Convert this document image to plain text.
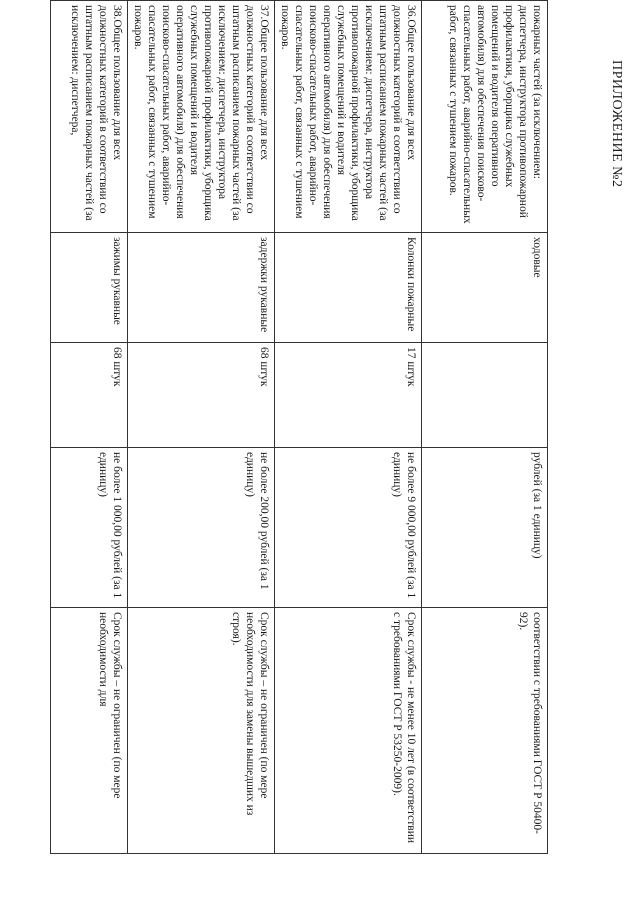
ПРИЛОЖЕНИЕ №2
пожарных частей (за исключением: диспетчера, инструктора противопожарной профилактики, уборщика служебных помещений и водителя оперативного автомобиля) для обеспечения поисково-спасательных работ, аварийно-спасательных работ, связанных с тушением пожаров.	ходовые		рублей (за 1 единицу)	соответствии с требованиями ГОСТ Р 50400-92).
36.Общее пользование для всех должностных категорий в соответствии со штатным расписанием пожарных частей (за исключением: диспетчера, инструктора противопожарной профилактики, уборщика служебных помещений и водителя оперативного автомобиля) для обеспечения поисково-спасательных работ, аварийно-спасательных работ, связанных с тушением пожаров.	Колонки пожарные	17 штук	не более 9 000,00 рублей (за 1 единицу)	Срок службы - не менее 10 лет (в соответствии с требованиями ГОСТ Р 53250-2009).
37.Общее пользование для всех должностных категорий в соответствии со штатным расписанием пожарных частей (за исключением: диспетчера, инструктора противопожарной профилактики, уборщика служебных помещений и водителя оперативного автомобиля) для обеспечения поисково-спасательных работ, аварийно-спасательных работ, связанных с тушением пожаров.	задержки рукавные	68 штук	не более 200,00 рублей (за 1 единицу)	Срок службы – не ограничен (по мере необходимости для замены вышедших из строя).
38.Общее пользование для всех должностных категорий в соответствии со штатным расписанием пожарных частей (за исключением: диспетчера,	зажимы рукавные	68 штук	не более 1 000,00 рублей (за 1 единицу)	Срок службы – не ограничен (по мере необходимости для
